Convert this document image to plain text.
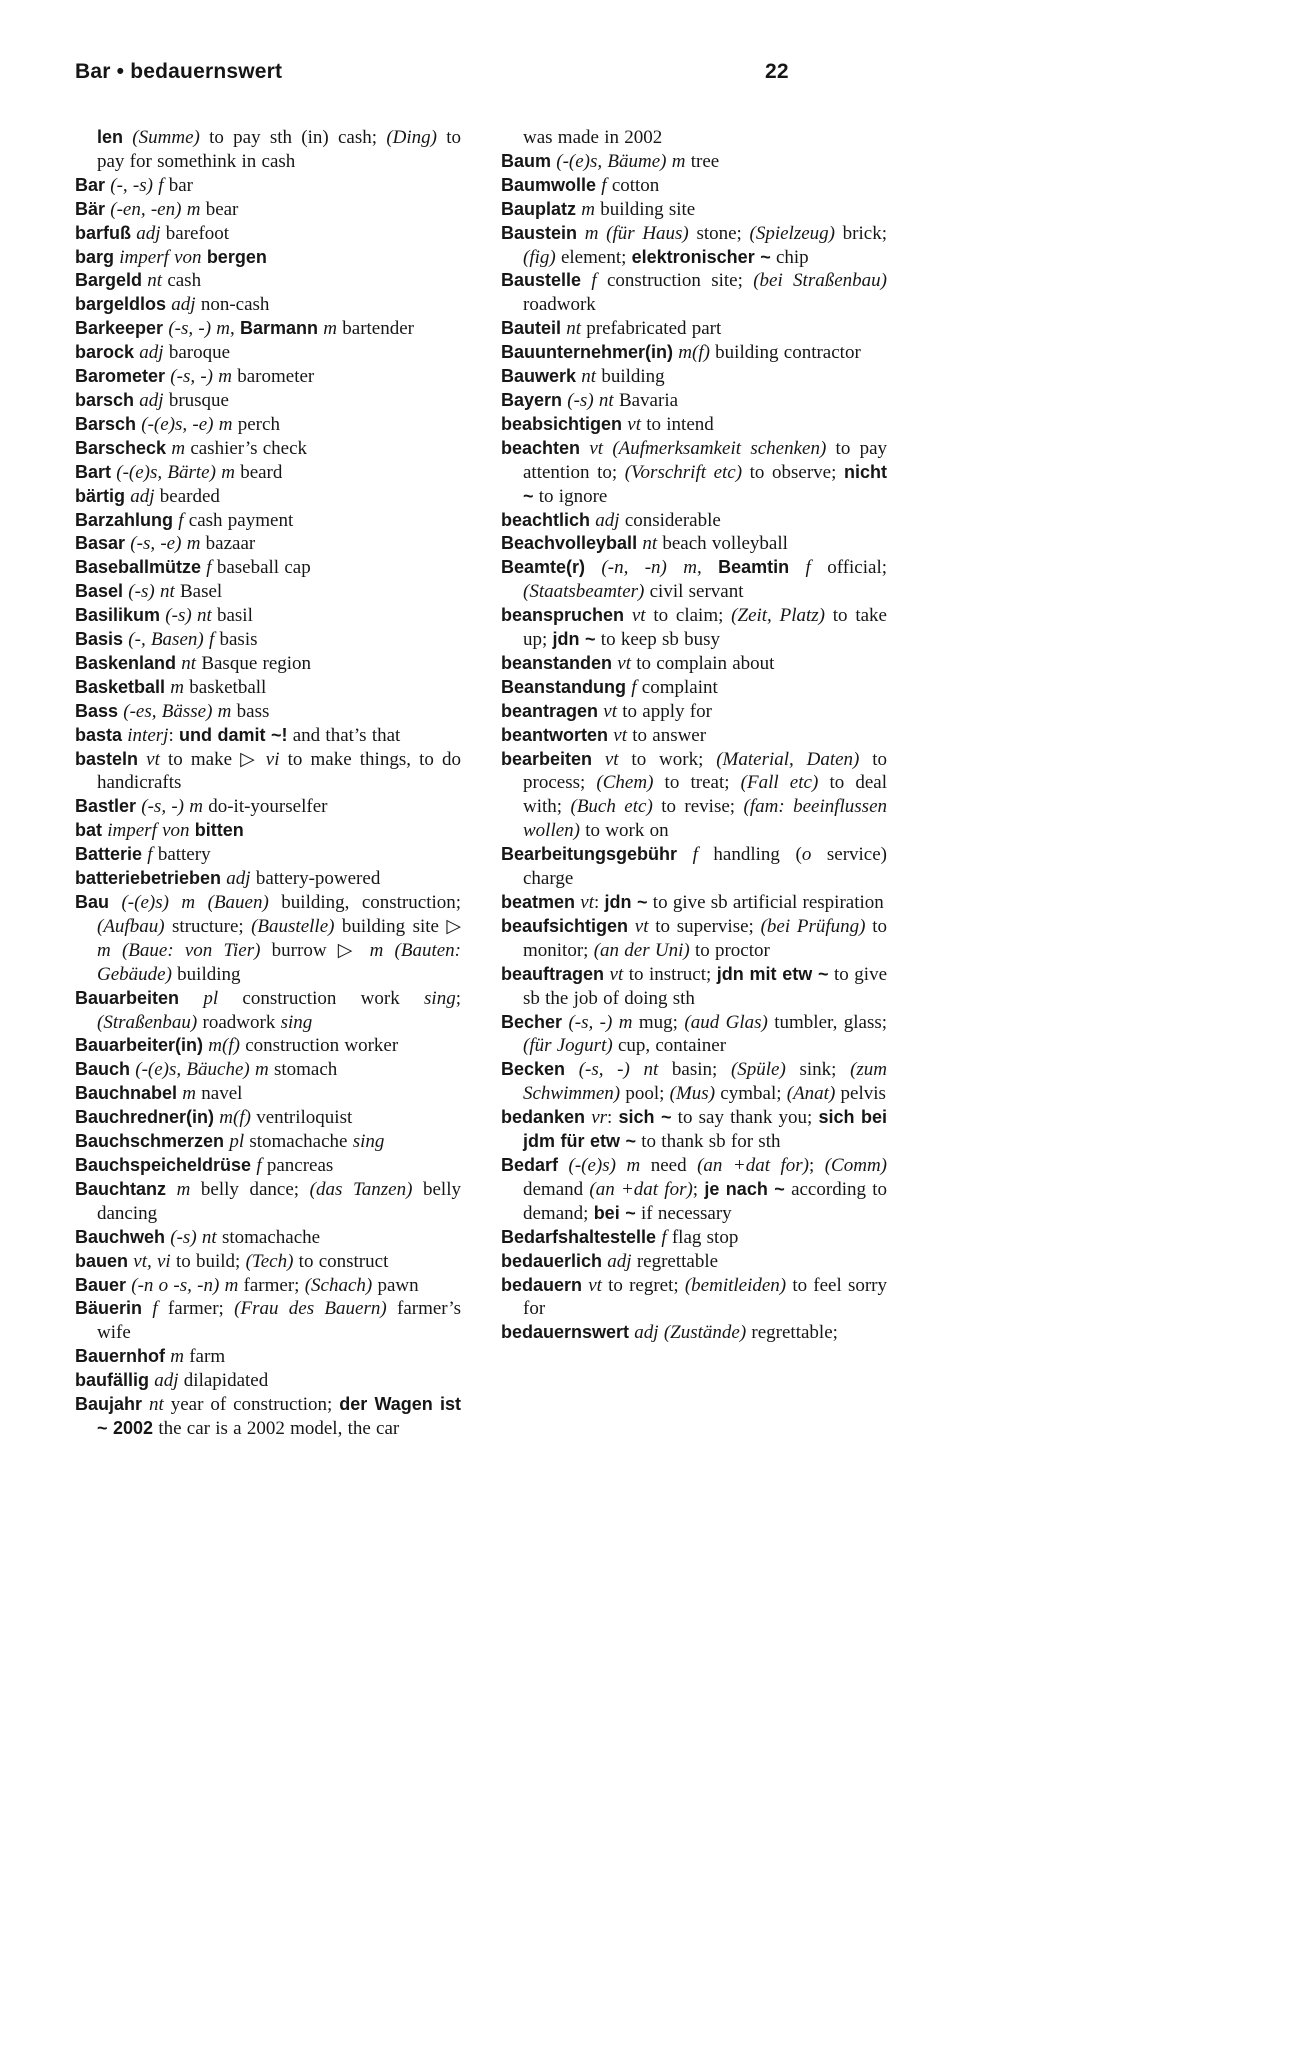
Bar • bedauernswert	22

len (Summe) to pay sth (in) cash; (Ding) to pay for somethink in cash

Bar (-, -s) f bar

Bär (-en, -en) m bear

barfuß adj barefoot

barg imperf von bergen

Bargeld nt cash

bargeldlos adj non-cash

Barkeeper (-s, -) m, Barmann m bartender

barock adj baroque

Barometer (-s, -) m barometer

barsch adj brusque

Barsch (-(e)s, -e) m perch

Barscheck m cashier’s check

Bart (-(e)s, Bärte) m beard

bärtig adj bearded

Barzahlung f cash payment

Basar (-s, -e) m bazaar

Baseballmütze f baseball cap

Basel (-s) nt Basel

Basilikum (-s) nt basil

Basis (-, Basen) f basis

Baskenland nt Basque region

Basketball m basketball

Bass (-es, Bässe) m bass

basta interj: und damit ~! and that’s that

basteln vt to make ▷ vi to make things, to do handicrafts

Bastler (-s, -) m do-it-yourselfer

bat imperf von bitten

Batterie f battery

batteriebetrieben adj battery-powered

Bau (-(e)s) m (Bauen) building, construction; (Aufbau) structure; (Baustelle) building site ▷ m (Baue: von Tier) burrow ▷ m (Bauten: Gebäude) building

Bauarbeiten pl construction work sing; (Straßenbau) roadwork sing

Bauarbeiter(in) m(f) construction worker

Bauch (-(e)s, Bäuche) m stomach

Bauchnabel m navel

Bauchredner(in) m(f) ventriloquist

Bauchschmerzen pl stomachache sing

Bauchspeicheldrüse f pancreas

Bauchtanz m belly dance; (das Tanzen) belly dancing

Bauchweh (-s) nt stomachache

bauen vt, vi to build; (Tech) to construct

Bauer (-n o -s, -n) m farmer; (Schach) pawn

Bäuerin f farmer; (Frau des Bauern) farmer’s wife

Bauernhof m farm

baufällig adj dilapidated

Baujahr nt year of construction; der Wagen ist ~ 2002 the car is a 2002 model, the car

was made in 2002

Baum (-(e)s, Bäume) m tree

Baumwolle f cotton

Bauplatz m building site

Baustein m (für Haus) stone; (Spielzeug) brick; (fig) element; elektronischer ~ chip

Baustelle f construction site; (bei Straßenbau) roadwork

Bauteil nt prefabricated part

Bauunternehmer(in) m(f) building contractor

Bauwerk nt building

Bayern (-s) nt Bavaria

beabsichtigen vt to intend

beachten vt (Aufmerksamkeit schenken) to pay attention to; (Vorschrift etc) to observe; nicht ~ to ignore

beachtlich adj considerable

Beachvolleyball nt beach volleyball

Beamte(r) (-n, -n) m, Beamtin f official; (Staatsbeamter) civil servant

beanspruchen vt to claim; (Zeit, Platz) to take up; jdn ~ to keep sb busy

beanstanden vt to complain about

Beanstandung f complaint

beantragen vt to apply for

beantworten vt to answer

bearbeiten vt to work; (Material, Daten) to process; (Chem) to treat; (Fall etc) to deal with; (Buch etc) to revise; (fam: beeinflussen wollen) to work on

Bearbeitungsgebühr f handling (o service) charge

beatmen vt: jdn ~ to give sb artificial respiration

beaufsichtigen vt to supervise; (bei Prüfung) to monitor; (an der Uni) to proctor

beauftragen vt to instruct; jdn mit etw ~ to give sb the job of doing sth

Becher (-s, -) m mug; (aud Glas) tumbler, glass; (für Jogurt) cup, container

Becken (-s, -) nt basin; (Spüle) sink; (zum Schwimmen) pool; (Mus) cymbal; (Anat) pelvis

bedanken vr: sich ~ to say thank you; sich bei jdm für etw ~ to thank sb for sth

Bedarf (-(e)s) m need (an +dat for); (Comm) demand (an +dat for); je nach ~ according to demand; bei ~ if necessary

Bedarfshaltestelle f flag stop

bedauerlich adj regrettable

bedauern vt to regret; (bemitleiden) to feel sorry for

bedauernswert adj (Zustände) regrettable;
